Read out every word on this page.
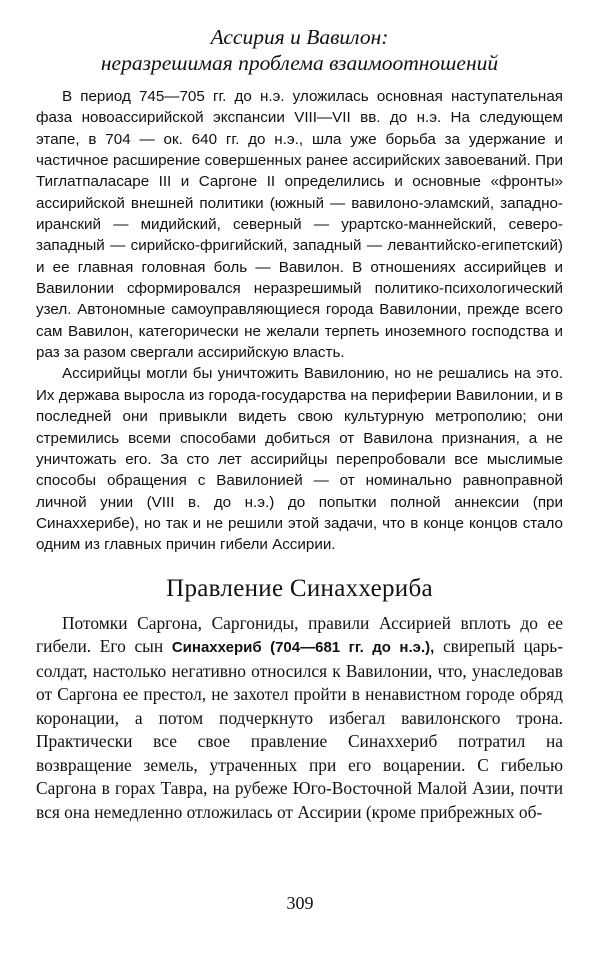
Ассирия и Вавилон:
неразрешимая проблема взаимоотношений

В период 745—705 гг. до н.э. уложилась основная наступательная фаза новоассирийской экспансии VIII—VII вв. до н.э. На следующем этапе, в 704 — ок. 640 гг. до н.э., шла уже борьба за удержание и частичное расширение совершенных ранее ассирийских завоеваний. При Тиглатпаласаре III и Саргоне II определились и основные «фронты» ассирийской внешней политики (южный — вавилоно-эламский, западно-иранский — мидийский, северный — урартско-маннейский, северо-западный — сирийско-фригийский, западный — левантийско-египетский) и ее главная головная боль — Вавилон. В отношениях ассирийцев и Вавилонии сформировался неразрешимый политико-психологический узел. Автономные самоуправляющиеся города Вавилонии, прежде всего сам Вавилон, категорически не желали терпеть иноземного господства и раз за разом свергали ассирийскую власть.

Ассирийцы могли бы уничтожить Вавилонию, но не решались на это. Их держава выросла из города-государства на периферии Вавилонии, и в последней они привыкли видеть свою культурную метрополию; они стремились всеми способами добиться от Вавилона признания, а не уничтожать его. За сто лет ассирийцы перепробовали все мыслимые способы обращения с Вавилонией — от номинально равноправной личной унии (VIII в. до н.э.) до попытки полной аннексии (при Синаххерибе), но так и не решили этой задачи, что в конце концов стало одним из главных причин гибели Ассирии.

Правление Синаххериба

Потомки Саргона, Саргониды, правили Ассирией вплоть до ее гибели. Его сын Синаххериб (704—681 гг. до н.э.), свирепый царь-солдат, настолько негативно относился к Вавилонии, что, унаследовав от Саргона ее престол, не захотел пройти в ненавистном городе обряд коронации, а потом подчеркнуто избегал вавилонского трона. Практически все свое правление Синаххериб потратил на возвращение земель, утраченных при его воцарении. С гибелью Саргона в горах Тавра, на рубеже Юго-Восточной Малой Азии, почти вся она немедленно отложилась от Ассирии (кроме прибрежных об-

309
